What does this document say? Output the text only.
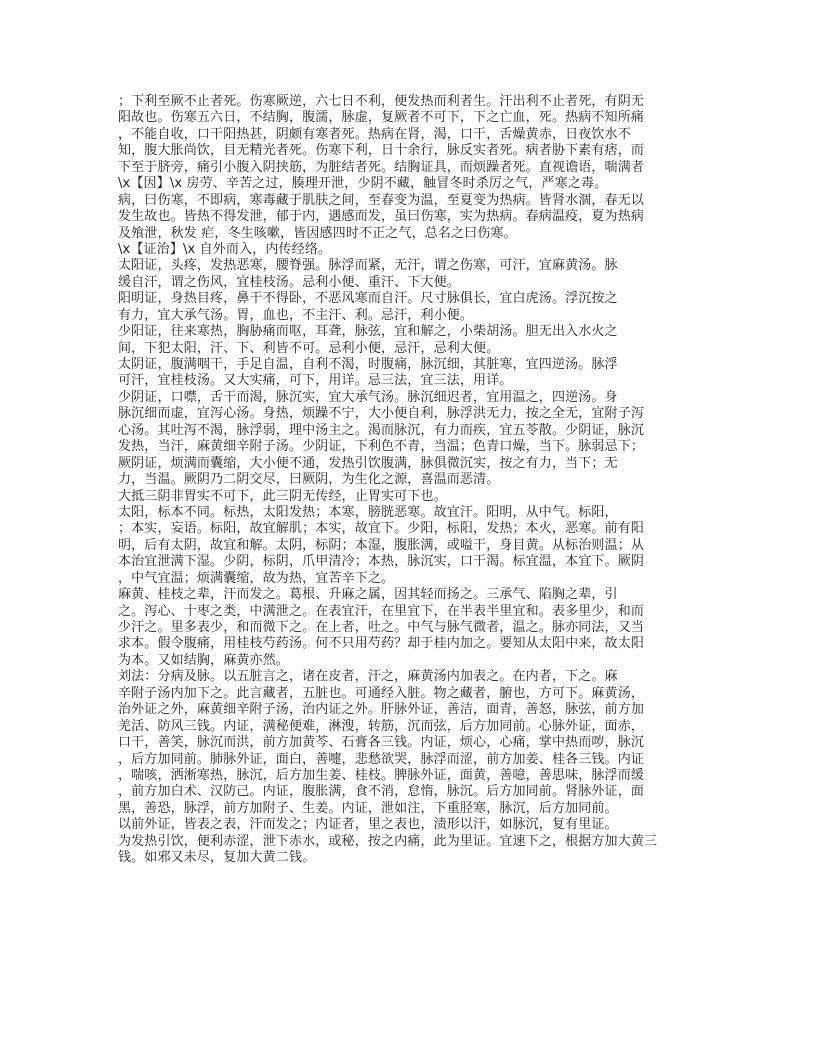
；下利至厥不止者死。伤寒厥逆，六七日不利，便发热而利者生。汗出利不止者死，有阴无
阳故也。伤寒五六日，不结胸，腹濡，脉虚，复厥者不可下，下之亡血，死。热病不知所痛
，不能自收，口干阳热甚，阴颇有寒者死。热病在肾，渴，口干，舌燥黄赤，日夜饮水不
知，腹大胀尚饮，目无精光者死。伤寒下利，日十余行，脉反实者死。病者胁下素有痞，而
下至于脐旁，痛引小腹入阴挟筋，为脏结者死。结胸证具，而烦躁者死。直视谵语，喘满者
\x【因】\x 房劳、辛苦之过，腠理开泄，少阴不藏，触冒冬时杀厉之气，严寒之毒。
病，曰伤寒，不即病，寒毒藏于肌肤之间，至春变为温，至夏变为热病。皆肾水涸，春无以
发生故也。皆热不得发泄，郁于内，遇感而发，虽曰伤寒，实为热病。春病温疫，夏为热病
及飧泄，秋发 疟，冬生咳嗽，皆因感四时不正之气，总名之曰伤寒。
\x【证治】\x 自外而入，内传经络。
太阳证，头疼，发热恶寒，腰脊强。脉浮而紧，无汗，谓之伤寒，可汗，宜麻黄汤。脉
缓自汗，谓之伤风，宜桂枝汤。忌利小便、重汗、下大便。
阳明证，身热目疼，鼻干不得卧，不恶风寒而自汗。尺寸脉俱长，宜白虎汤。浮沉按之
有力，宜大承气汤。胃，血也，不主汗、利。忌汗，利小便。
少阳证，往来寒热，胸胁痛而呕，耳聋，脉弦，宜和解之，小柴胡汤。胆无出入水火之
间，下犯太阳，汗、下、利皆不可。忌利小便，忌汗，忌利大便。
太阴证，腹满咽干，手足自温，自利不渴，时腹痛，脉沉细，其脏寒，宜四逆汤。脉浮
可汗，宜桂枝汤。又大实痛，可下，用详。忌三法，宜三法，用详。
少阴证，口噤，舌干而渴，脉沉实，宜大承气汤。脉沉细迟者，宜用温之，四逆汤。身
脉沉细而虚，宜泻心汤。身热，烦躁不宁，大小便自利，脉浮洪无力，按之全无，宜附子泻
心汤。其吐泻不渴，脉浮弱，理中汤主之。渴而脉沉，有力而疾，宜五苓散。少阴证，脉沉
发热，当汗，麻黄细辛附子汤。少阴证，下利色不青，当温；色青口燥，当下。脉弱忌下；
厥阴证，烦满而囊缩，大小便不通，发热引饮腹满，脉俱微沉实，按之有力，当下；无
力，当温。厥阴乃二阴交尽，曰厥阴，为生化之源，喜温而恶清。
大抵三阴非胃实不可下，此三阴无传经，止胃实可下也。
太阳，标本不同。标热，太阳发热；本寒，膀胱恶寒。故宜汗。阳明，从中气。标阳，
；本实，妄语。标阳，故宜解肌；本实，故宜下。少阳，标阳，发热；本火，恶寒。前有阳
明，后有太阴，故宜和解。太阴，标阴；本湿，腹胀满，或嗌干，身目黄。从标治则温；从
本治宜泄满下湿。少阴，标阴，爪甲清冷；本热，脉沉实，口干渴。标宜温，本宜下。厥阴
，中气宜温；烦满囊缩，故为热，宜苦辛下之。
麻黄、桂枝之辈，汗而发之。葛根、升麻之属，因其轻而扬之。三承气、陷胸之辈，引
之。泻心、十枣之类，中满泄之。在表宜汗，在里宜下，在半表半里宜和。表多里少，和而
少汗之。里多表少，和而微下之。在上者，吐之。中气与脉气微者，温之。脉亦同法，又当
求本。假令腹痛，用桂枝芍药汤。何不只用芍药？却于桂内加之。要知从太阳中来，故太阳
为本。又如结胸，麻黄亦然。
刘法：分病及脉。以五脏言之，诸在皮者，汗之，麻黄汤内加表之。在内者，下之。麻
辛附子汤内加下之。此言藏者，五脏也。可通经入脏。物之藏者，腑也，方可下。麻黄汤，
治外证之外，麻黄细辛附子汤，治内证之外。肝脉外证，善洁，面青，善怒，脉弦，前方加
羌活、防风三钱。内证，满秘便难，淋溲，转筋，沉而弦，后方加同前。心脉外证，面赤，
口干，善笑，脉沉而洪，前方加黄芩、石膏各三钱。内证，烦心，心痛，掌中热而哕，脉沉
，后方加同前。肺脉外证，面白，善嚏，悲愁欲哭，脉浮而涩，前方加姜、桂各三钱。内证
，喘咳，洒淅寒热，脉沉，后方加生姜、桂枝。脾脉外证，面黄，善噫，善思味，脉浮而缓
，前方加白术、汉防己。内证，腹胀满，食不消，怠惰，脉沉。后方加同前。肾脉外证，面
黑，善恐，脉浮，前方加附子、生姜。内证，泄如注，下重胫寒，脉沉，后方加同前。
以前外证，皆表之表，汗而发之；内证者，里之表也，渍形以汗，如脉沉，复有里证。
为发热引饮，便利赤涩，泄下赤水，或秘，按之内痛，此为里证。宜速下之，根据方加大黄三
钱。如邪又未尽，复加大黄二钱。
